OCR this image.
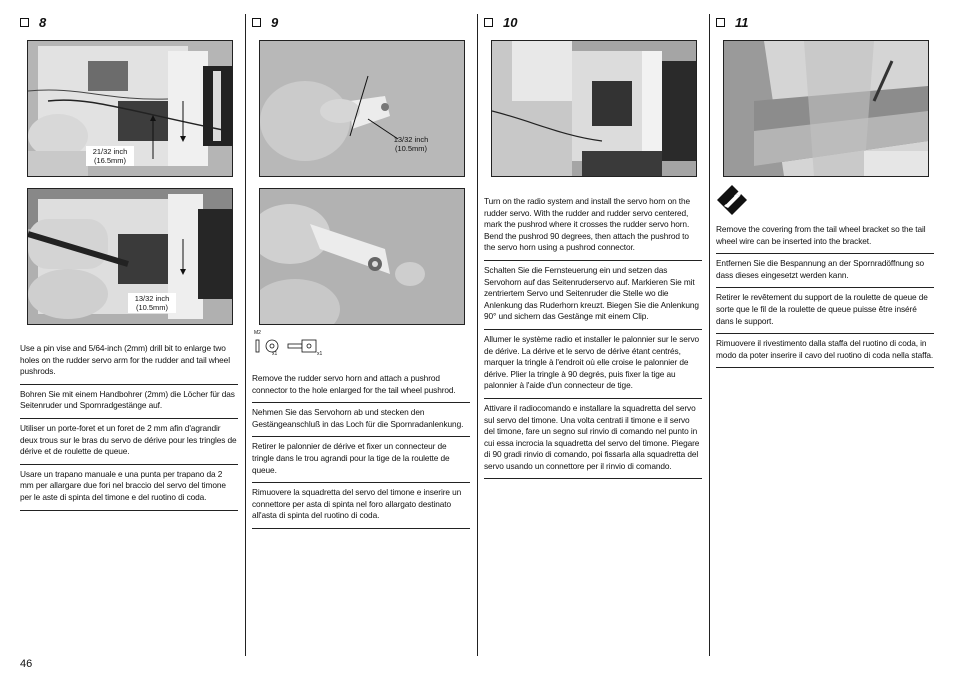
8
21/32 inch
(16.5mm)
13/32 inch
(10.5mm)

Use a pin vise and 5/64-inch (2mm) drill bit to enlarge two holes on the rudder servo arm for the rudder and tail wheel pushrods.

Bohren Sie mit einem Handbohrer (2mm) die Löcher für das Seitenruder und Spornradgestänge auf.

Utiliser un porte-foret et un foret de 2 mm afin d'agrandir deux trous sur le bras du servo de dérive pour les tringles de dérive et de roulette de queue.

Usare un trapano manuale e una punta per trapano da 2 mm per allargare due fori nel braccio del servo del timone per le aste di spinta del timone e del ruotino di coda.

9
13/32 inch
(10.5mm)
M2
x1	x1

Remove the rudder servo horn and attach a pushrod connector to the hole enlarged for the tail wheel pushrod.

Nehmen Sie das Servohorn ab und stecken den Gestängeanschluß in das Loch für die Spornradanlenkung.

Retirer le palonnier de dérive et fixer un connecteur de tringle dans le trou agrandi pour la tige de la roulette de queue.

Rimuovere la squadretta del servo del timone e inserire un connettore per asta di spinta nel foro allargato destinato all'asta di spinta del ruotino di coda.

10

Turn on the radio system and install the servo horn on the rudder servo. With the rudder and rudder servo centered, mark the pushrod where it crosses the rudder servo horn. Bend the pushrod 90 degrees, then attach the pushrod to the servo horn using a pushrod connector.

Schalten Sie die Fernsteuerung ein und setzen das Servohorn auf das Seitenruderservo auf. Markieren Sie mit zentriertem Servo und Seitenruder die Stelle wo die Anlenkung das Ruderhorn kreuzt. Biegen Sie die Anlenkung 90° und sichern das Gestänge mit einem Clip.

Allumer le système radio et installer le palonnier sur le servo de dérive. La dérive et le servo de dérive étant centrés, marquer la tringle à l'endroit où elle croise le palonnier de dérive. Plier la tringle à 90 degrés, puis fixer la tige au palonnier à l'aide d'un connecteur de tige.

Attivare il radiocomando e installare la squadretta del servo sul servo del timone. Una volta centrati il timone e il servo del timone, fare un segno sul rinvio di comando nel punto in cui essa incrocia la squadretta del servo del timone. Piegare di 90 gradi rinvio di comando, poi fissarla alla squadretta del servo usando un connettore per il rinvio di comando.

11

Remove the covering from the tail wheel bracket so the tail wheel wire can be inserted into the bracket.

Entfernen Sie die Bespannung an der Spornradöffnung so dass dieses eingesetzt werden kann.

Retirer le revêtement du support de la roulette de queue de sorte que le fil de la roulette de queue puisse être inséré dans le support.

Rimuovere il rivestimento dalla staffa del ruotino di coda, in modo da poter inserire il cavo del ruotino di coda nella staffa.

46
